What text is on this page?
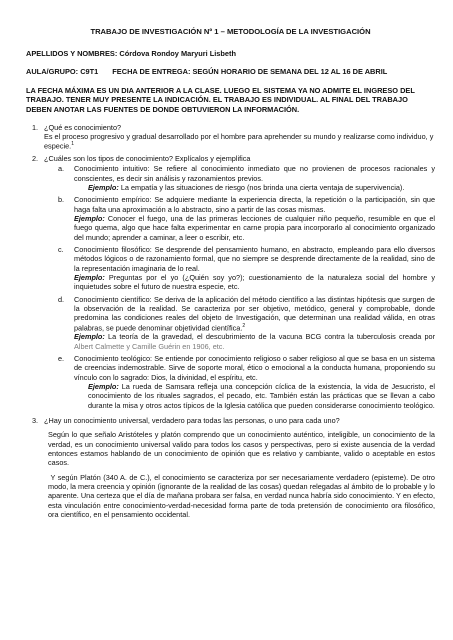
TRABAJO DE INVESTIGACIÓN Nº 1 – METODOLOGÍA DE LA INVESTIGACIÓN
APELLIDOS Y NOMBRES: Córdova Rondoy Maryuri Lisbeth
AULA/GRUPO: C9T1 FECHA DE ENTREGA: SEGÚN HORARIO DE SEMANA DEL 12 AL 16 DE ABRIL
LA FECHA MÁXIMA ES UN DIA ANTERIOR A LA CLASE. LUEGO EL SISTEMA YA NO ADMITE EL INGRESO DEL TRABAJO. TENER MUY PRESENTE LA INDICACIÓN. EL TRABAJO ES INDIVIDUAL. AL FINAL DEL TRABAJO DEBEN ANOTAR LAS FUENTES DE DONDE OBTUVIERON LA INFORMACIÓN.
1. ¿Qué es conocimiento?
Es el proceso progresivo y gradual desarrollado por el hombre para aprehender su mundo y realizarse como individuo, y especie.$^1$
2. ¿Cuáles son los tipos de conocimiento? Explícalos y ejemplifica
a.	Conocimiento intuitivo: Se refiere al conocimiento inmediato que no provienen de procesos racionales y conscientes, es decir sin análisis y razonamientos previos.
Ejemplo: La empatía y las situaciones de riesgo (nos brinda una cierta ventaja de supervivencia).
b.	Conocimiento empírico: Se adquiere mediante la experiencia directa, la repetición o la participación, sin que haga falta una aproximación a lo abstracto, sino a partir de las cosas mismas.
Ejemplo: Conocer el fuego, una de las primeras lecciones de cualquier niño pequeño, resumible en que el fuego quema, algo que hace falta experimentar en carne propia para incorporarlo al conocimiento organizado del mundo; aprender a caminar, a leer o escribir, etc.
c.	Conocimiento filosófico: Se desprende del pensamiento humano, en abstracto, empleando para ello diversos métodos lógicos o de razonamiento formal, que no siempre se desprende directamente de la realidad, sino de la representación imaginaria de lo real.
Ejemplo: Preguntas por el yo (¿Quién soy yo?); cuestionamiento de la naturaleza social del hombre y inquietudes sobre el futuro de nuestra especie, etc.
d.	Conocimiento científico: Se deriva de la aplicación del método científico a las distintas hipótesis que surgen de la observación de la realidad. Se caracteriza por ser objetivo, metódico, general y comprobable, donde predomina las condiciones reales del objeto de Investigación, que determinan una realidad válida, en otras palabras, se puede denominar objetividad científica.$^2$
Ejemplo: La teoría de la gravedad, el descubrimiento de la vacuna BCG contra la tuberculosis creada por Albert Calmette y Camille Guérin en 1906, etc.
e.	Conocimiento teológico: Se entiende por conocimiento religioso o saber religioso al que se basa en un sistema de creencias indemostrable. Sirve de soporte moral, ético o emocional a la conducta humana, proponiendo su vínculo con lo sagrado: Dios, la divinidad, el espíritu, etc.
Ejemplo: La rueda de Samsara refleja una concepción cíclica de la existencia, la vida de Jesucristo, el conocimiento de los rituales sagrados, el pecado, etc. También están las prácticas que se llevan a cabo durante la misa y otros actos típicos de la Iglesia católica que pueden considerarse conocimiento teológico.
3. ¿Hay un conocimiento universal, verdadero para todas las personas, o uno para cada uno?
Según lo que señalo Aristóteles y platón comprendo que un conocimiento auténtico, inteligible, un conocimiento de la verdad, es un conocimiento universal valido para todos los casos y perspectivas, pero si existe ausencia de la verdad entonces estamos hablando de un conocimiento de opinión que es relativo y cambiante, valido o aceptable en estos casos.
Y según Platón (340 A. de C.), el conocimiento se caracteriza por ser necesariamente verdadero (episteme). De otro modo, la mera creencia y opinión (ignorante de la realidad de las cosas) quedan relegadas al ámbito de lo probable y lo aparente. Una certeza que el día de mañana probara ser falsa, en verdad nunca habría sido conocimiento. Y en efecto, esta vinculación entre conocimiento-verdad-necesidad forma parte de toda pretensión de conocimiento ora filosófico, ora científico, en el pensamiento occidental.
